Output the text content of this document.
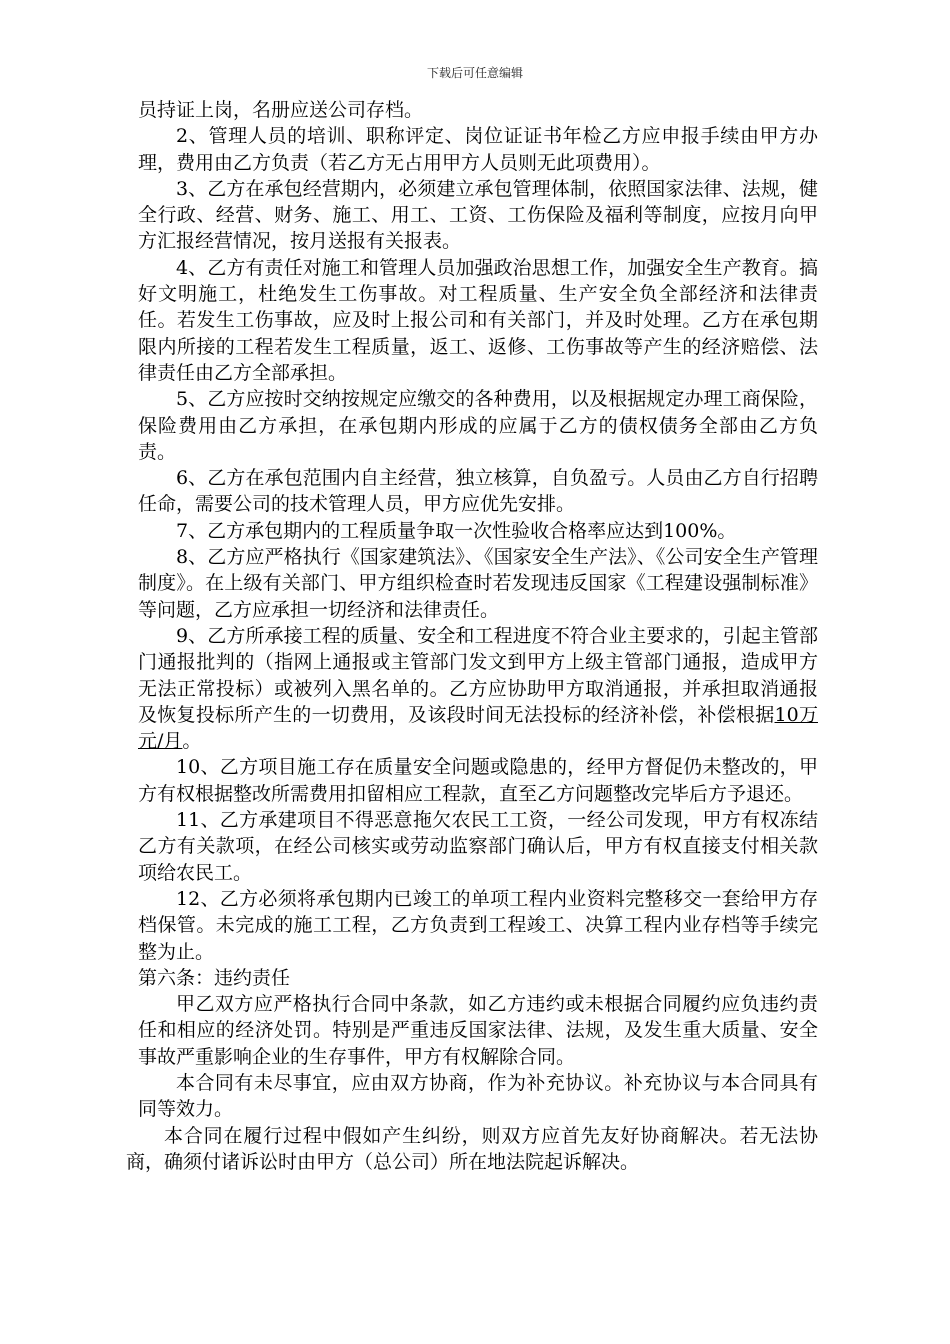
下载后可任意编辑

员持证上岗，名册应送公司存档。

2、管理人员的培训、职称评定、岗位证证书年检乙方应申报手续由甲方办理，费用由乙方负责（若乙方无占用甲方人员则无此项费用）。

3、乙方在承包经营期内，必须建立承包管理体制，依照国家法律、法规，健全行政、经营、财务、施工、用工、工资、工伤保险及福利等制度，应按月向甲方汇报经营情况，按月送报有关报表。

4、乙方有责任对施工和管理人员加强政治思想工作，加强安全生产教育。搞好文明施工，杜绝发生工伤事故。对工程质量、生产安全负全部经济和法律责任。若发生工伤事故，应及时上报公司和有关部门，并及时处理。乙方在承包期限内所接的工程若发生工程质量，返工、返修、工伤事故等产生的经济赔偿、法律责任由乙方全部承担。

5、乙方应按时交纳按规定应缴交的各种费用，以及根据规定办理工商保险，保险费用由乙方承担，在承包期内形成的应属于乙方的债权债务全部由乙方负责。

6、乙方在承包范围内自主经营，独立核算，自负盈亏。人员由乙方自行招聘任命，需要公司的技术管理人员，甲方应优先安排。

7、乙方承包期内的工程质量争取一次性验收合格率应达到100%。

8、乙方应严格执行《国家建筑法》、《国家安全生产法》、《公司安全生产管理制度》。在上级有关部门、甲方组织检查时若发现违反国家《工程建设强制标准》等问题，乙方应承担一切经济和法律责任。

9、乙方所承接工程的质量、安全和工程进度不符合业主要求的，引起主管部门通报批判的（指网上通报或主管部门发文到甲方上级主管部门通报，造成甲方无法正常投标）或被列入黑名单的。乙方应协助甲方取消通报，并承担取消通报及恢复投标所产生的一切费用，及该段时间无法投标的经济补偿，补偿根据10万元/月。

10、乙方项目施工存在质量安全问题或隐患的，经甲方督促仍未整改的，甲方有权根据整改所需费用扣留相应工程款，直至乙方问题整改完毕后方予退还。

11、乙方承建项目不得恶意拖欠农民工工资，一经公司发现，甲方有权冻结乙方有关款项，在经公司核实或劳动监察部门确认后，甲方有权直接支付相关款项给农民工。

12、乙方必须将承包期内已竣工的单项工程内业资料完整移交一套给甲方存档保管。未完成的施工工程，乙方负责到工程竣工、决算工程内业存档等手续完整为止。

第六条：违约责任

甲乙双方应严格执行合同中条款，如乙方违约或未根据合同履约应负违约责任和相应的经济处罚。特别是严重违反国家法律、法规，及发生重大质量、安全事故严重影响企业的生存事件，甲方有权解除合同。

本合同有未尽事宜，应由双方协商，作为补充协议。补充协议与本合同具有同等效力。

本合同在履行过程中假如产生纠纷，则双方应首先友好协商解决。若无法协商，确须付诸诉讼时由甲方（总公司）所在地法院起诉解决。
